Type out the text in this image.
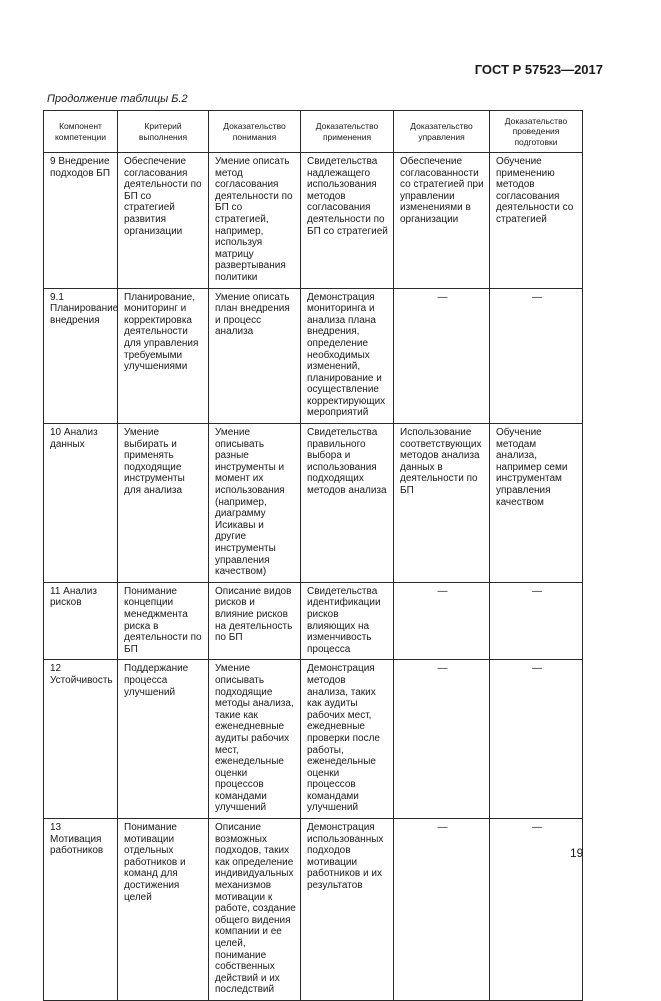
ГОСТ Р 57523—2017
Продолжение таблицы Б.2
Компонент компетенции	Критерий выполнения	Доказательство понимания	Доказательство применения	Доказательство управления	Доказательство проведения подготовки
9 Внедрение подходов БП	Обеспечение согласования деятельности по БП со стратегией развития организации	Умение описать метод согласования деятельности по БП со стратегией, например, используя матрицу развертывания политики	Свидетельства надлежащего использования методов согласования деятельности по БП со стратегией	Обеспечение согласованности со стратегией при управлении изменениями в организации	Обучение применению методов согласования деятельности со стратегией
9.1 Планирование внедрения	Планирование, мониторинг и корректировка деятельности для управления требуемыми улучшениями	Умение описать план внедрения и процесс анализа	Демонстрация мониторинга и анализа плана внедрения, определение необходимых изменений, планирование и осуществление корректирующих мероприятий	—	—
10 Анализ данных	Умение выбирать и применять подходящие инструменты для анализа	Умение описывать разные инструменты и момент их использования (например, диаграмму Исикавы и другие инструменты управления качеством)	Свидетельства правильного выбора и использования подходящих методов анализа	Использование соответствующих методов анализа данных в деятельности по БП	Обучение методам анализа, например семи инструментам управления качеством
11 Анализ рисков	Понимание концепции менеджмента риска в деятельности по БП	Описание видов рисков и влияние рисков на деятельность по БП	Свидетельства идентификации рисков влияющих на изменчивость процесса	—	—
12 Устойчивость	Поддержание процесса улучшений	Умение описывать подходящие методы анализа, такие как еженедневные аудиты рабочих мест, еженедельные оценки процессов командами улучшений	Демонстрация методов анализа, таких как аудиты рабочих мест, ежедневные проверки после работы, еженедельные оценки процессов командами улучшений	—	—
13 Мотивация работников	Понимание мотивации отдельных работников и команд для достижения целей	Описание возможных подходов, таких как определение индивидуальных механизмов мотивации к работе, создание общего видения компании и ее целей, понимание собственных действий и их последствий	Демонстрация использованных подходов мотивации работников и их результатов	—	—
19
